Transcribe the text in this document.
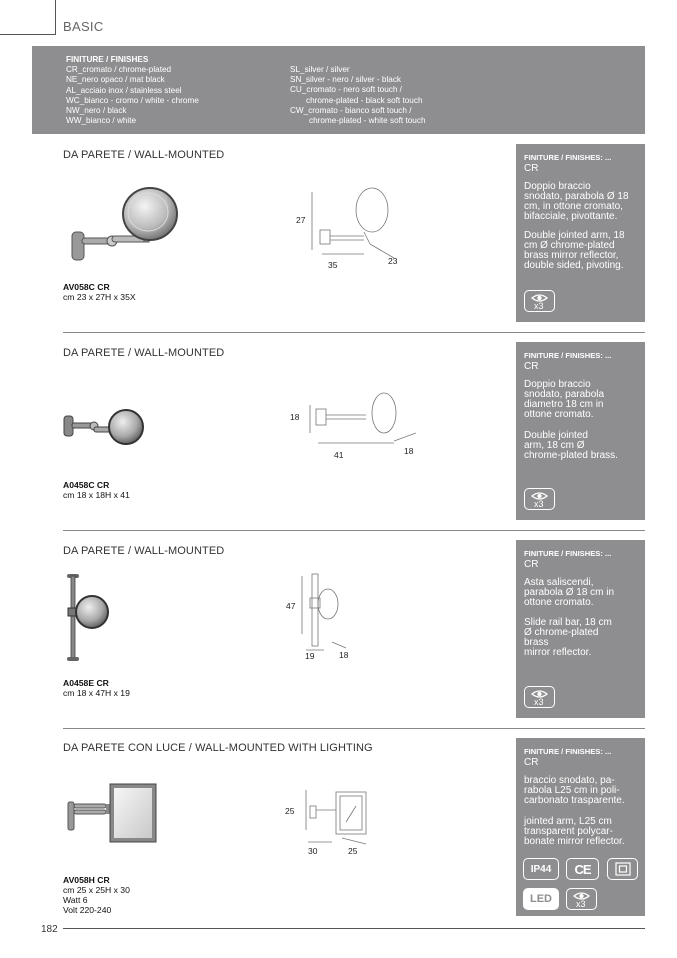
BASIC
FINITURE / FINISHES
CR_cromato / chrome-plated
NE_nero opaco / mat black
AL_acciaio inox / stainless steel
WC_bianco - cromo / white - chrome
NW_nero / black
WW_bianco / white
SL_silver / silver
SN_silver - nero / silver - black
CU_cromato - nero soft touch /
chrome-plated - black soft touch
CW_cromato - bianco soft touch /
chrome-plated - white soft touch
DA PARETE / WALL-MOUNTED
27
35	23
AV058C CR
cm 23 x 27H x 35X
FINITURE / FINISHES: ...
CR
Doppio braccio
snodato, parabola Ø 18
cm, in ottone cromato,
bifacciale, pivottante.
Double jointed arm, 18
cm Ø chrome-plated
brass mirror reflector,
double sided, pivoting.
x3
DA PARETE / WALL-MOUNTED
18
41	18
A0458C CR
cm 18 x 18H x 41
FINITURE / FINISHES: ...
CR
Doppio braccio
snodato, parabola
diametro 18 cm in
ottone cromato.
Double jointed
arm, 18 cm Ø
chrome-plated brass.
x3
DA PARETE / WALL-MOUNTED
47
19	18
A0458E CR
cm 18 x 47H x 19
FINITURE / FINISHES: ...
CR
Asta saliscendi,
parabola Ø 18 cm in
ottone cromato.
Slide rail bar, 18 cm
Ø chrome-plated
brass
mirror reflector.
x3
DA PARETE CON LUCE / WALL-MOUNTED WITH LIGHTING
25
30	25
AV058H CR
cm 25 x 25H x 30
Watt 6
Volt 220-240
FINITURE / FINISHES: ...
CR
braccio snodato, pa-
rabola L25 cm in poli-
carbonato trasparente.
jointed arm, L25 cm
transparent polycar-
bonate mirror reflector.
IP44 CE
LED	x3
182
